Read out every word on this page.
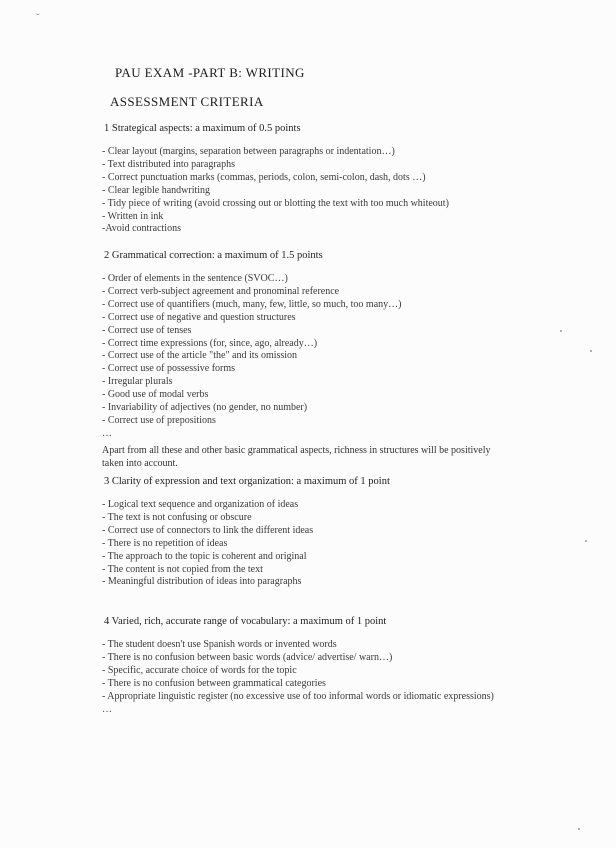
ˇ
PAU EXAM -PART B: WRITING
ASSESSMENT CRITERIA
1 Strategical aspects: a maximum of 0.5 points
- Clear layout (margins, separation between paragraphs or indentation…)
- Text distributed into paragraphs
- Correct punctuation marks (commas, periods, colon, semi-colon, dash, dots …)
- Clear legible handwriting
- Tidy piece of writing (avoid crossing out or blotting the text with too much whiteout)
- Written in ink
-Avoid contractions
2 Grammatical correction: a maximum of 1.5 points
- Order of elements in the sentence (SVOC…)
- Correct verb-subject agreement and pronominal reference
- Correct use of quantifiers (much, many, few, little, so much, too many…)
- Correct use of negative and question structures
- Correct use of tenses
- Correct time expressions (for, since, ago, already…)
- Correct use of the article "the" and its omission
- Correct use of possessive forms
- Irregular plurals
- Good use of modal verbs
- Invariability of adjectives (no gender, no number)
- Correct use of prepositions
…
Apart from all these and other basic grammatical aspects, richness in structures will be positively taken into account.
3 Clarity of expression and text organization: a maximum of 1 point
- Logical text sequence and organization of ideas
- The text is not confusing or obscure
- Correct use of connectors to link the different ideas
- There is no repetition of ideas
- The approach to the topic is coherent and original
- The content is not copied from the text
- Meaningful distribution of ideas into paragraphs
4 Varied, rich, accurate range of vocabulary: a maximum of 1 point
- The student doesn't use Spanish words or invented words
- There is no confusion between basic words (advice/ advertise/ warn…)
- Specific, accurate choice of words for the topic
- There is no confusion between grammatical categories
- Appropriate linguistic register (no excessive use of too informal words or idiomatic expressions)
…
